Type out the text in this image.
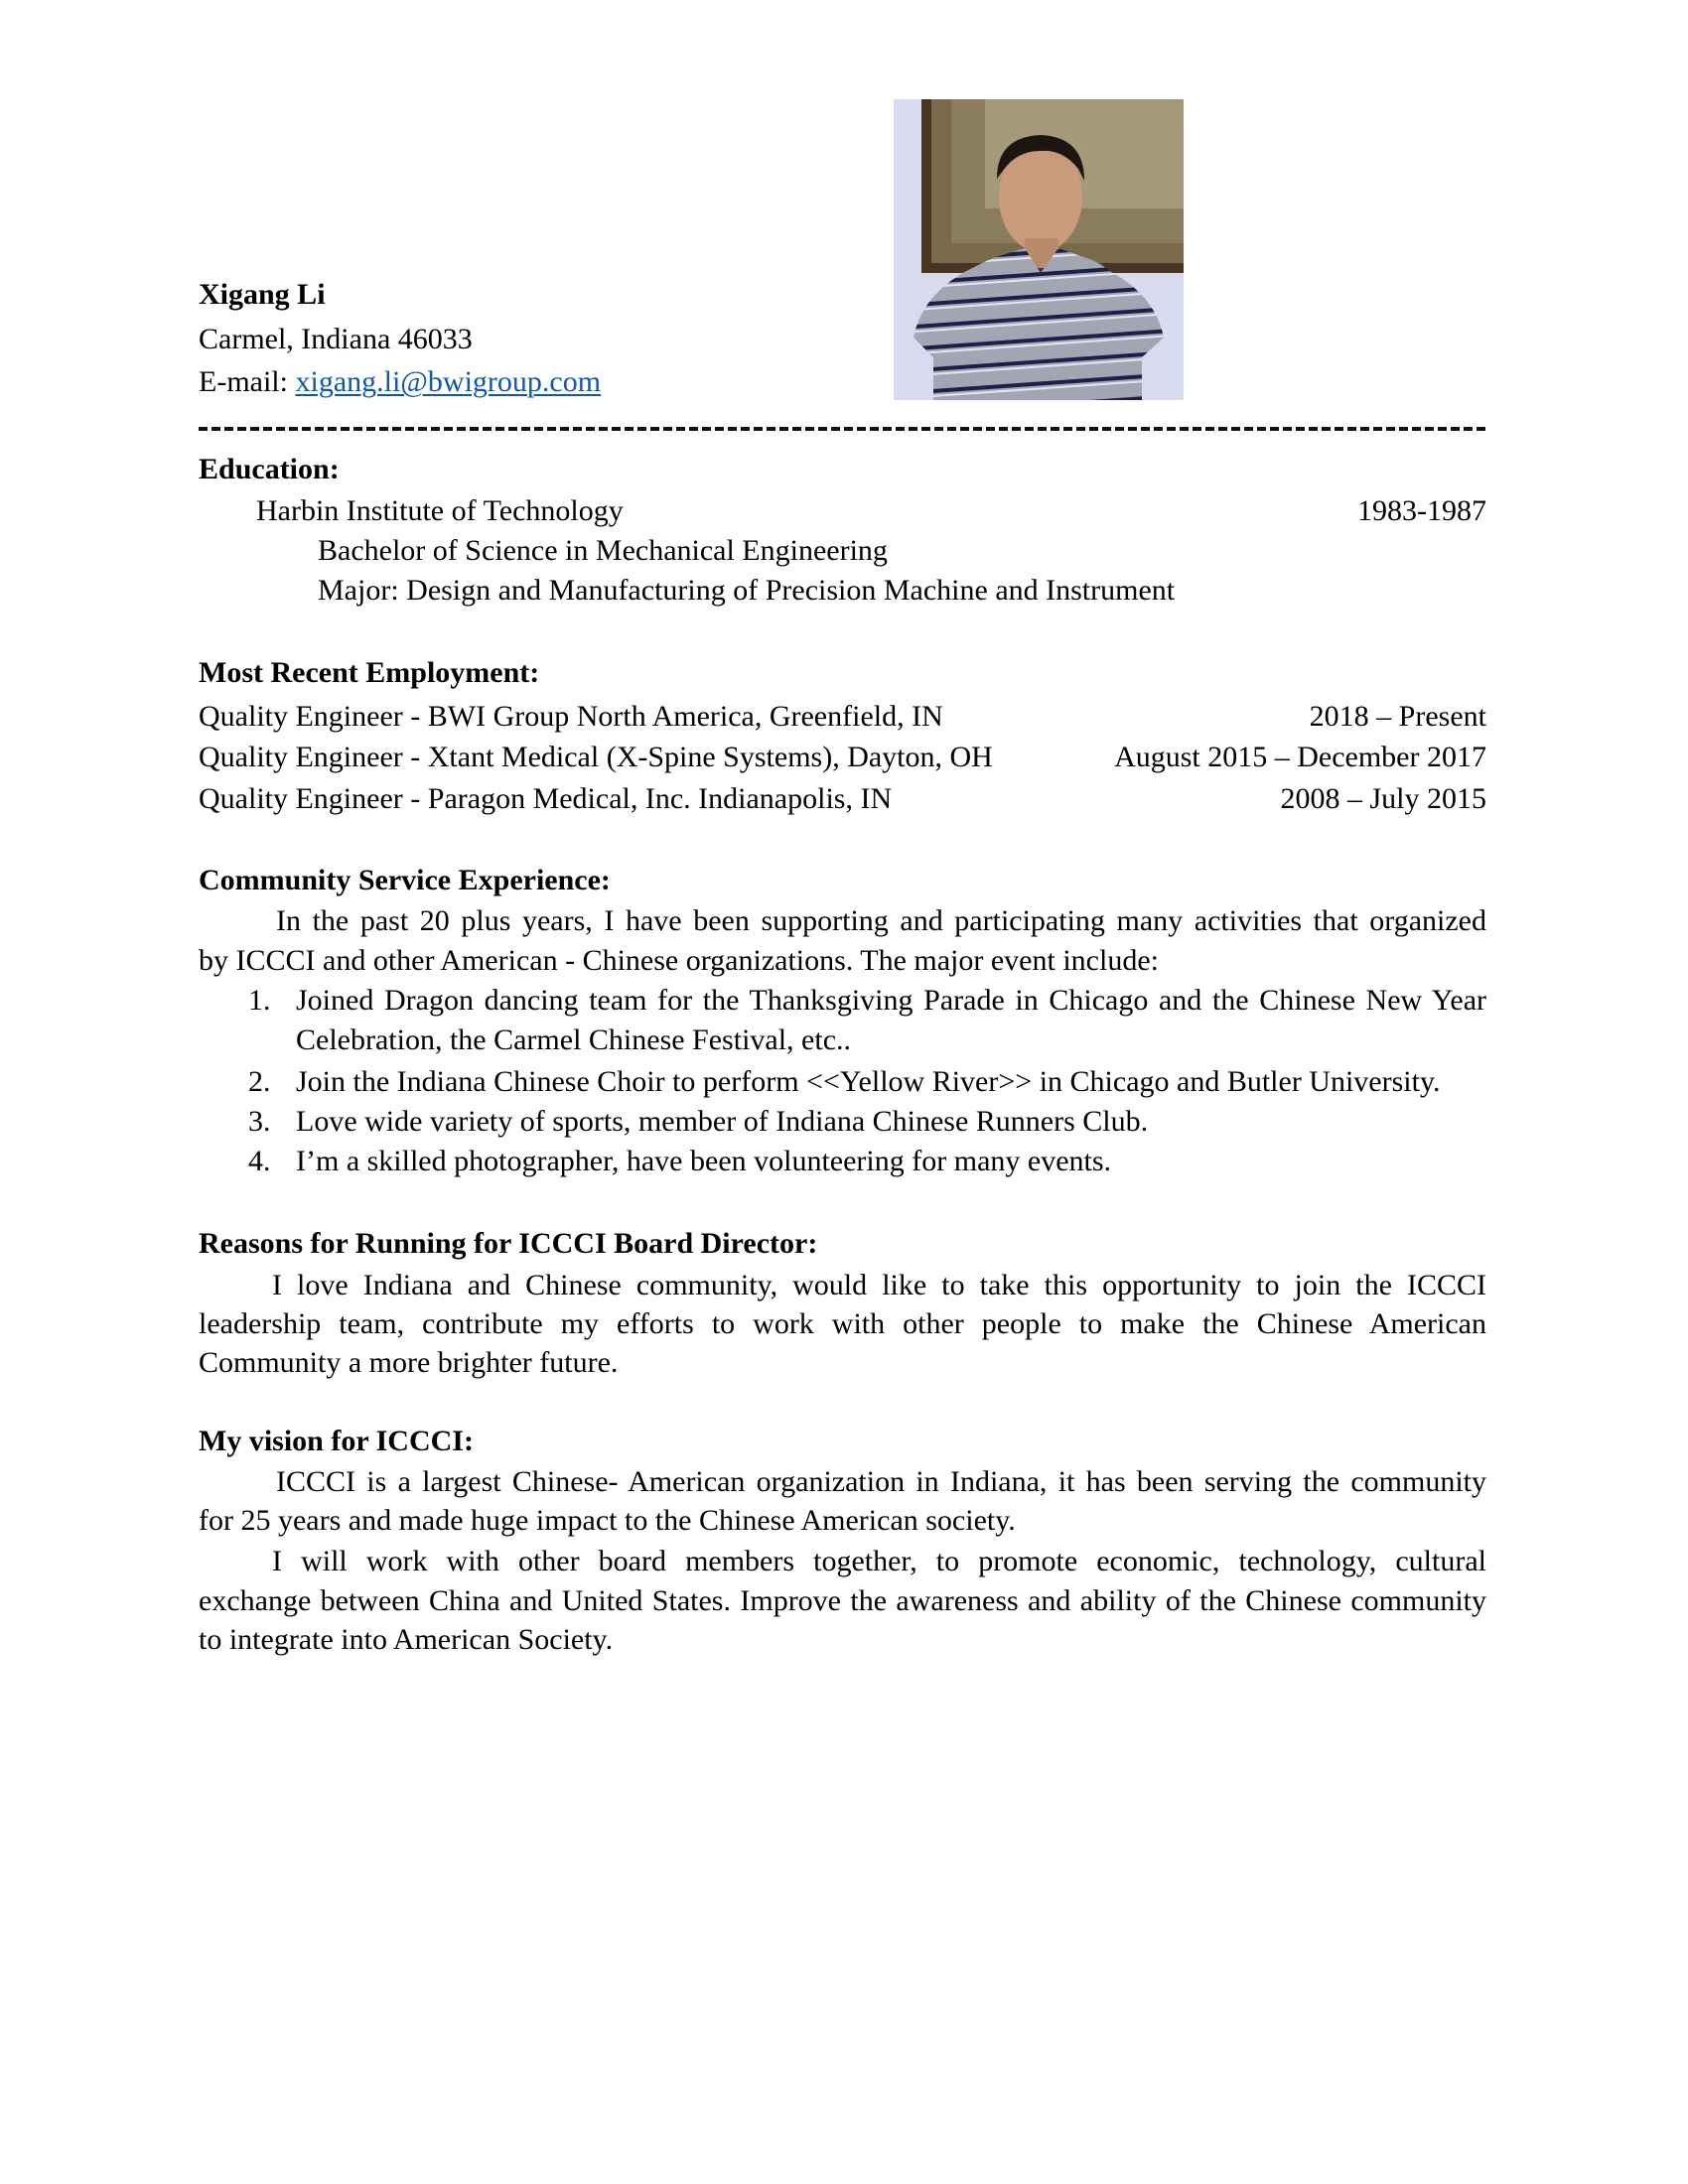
Xigang Li
Carmel, Indiana 46033
E-mail: xigang.li@bwigroup.com
Education:
Harbin Institute of Technology	1983-1987
Bachelor of Science in Mechanical Engineering
Major: Design and Manufacturing of Precision Machine and Instrument
Most Recent Employment:
Quality Engineer - BWI Group North America, Greenfield, IN	2018 – Present
Quality Engineer - Xtant Medical (X-Spine Systems), Dayton, OH	August 2015 – December 2017
Quality Engineer - Paragon Medical, Inc. Indianapolis, IN	2008 – July 2015
Community Service Experience:
In the past 20 plus years, I have been supporting and participating many activities that organized
by ICCCI and other American - Chinese organizations. The major event include:
1. Joined Dragon dancing team for the Thanksgiving Parade in Chicago and the Chinese New Year
Celebration, the Carmel Chinese Festival, etc..
2. Join the Indiana Chinese Choir to perform <<Yellow River>> in Chicago and Butler University.
3. Love wide variety of sports, member of Indiana Chinese Runners Club.
4. I’m a skilled photographer, have been volunteering for many events.
Reasons for Running for ICCCI Board Director:
I love Indiana and Chinese community, would like to take this opportunity to join the ICCCI
leadership team, contribute my efforts to work with other people to make the Chinese American
Community a more brighter future.
My vision for ICCCI:
ICCCI is a largest Chinese- American organization in Indiana, it has been serving the community
for 25 years and made huge impact to the Chinese American society.
I will work with other board members together, to promote economic, technology, cultural
exchange between China and United States. Improve the awareness and ability of the Chinese community
to integrate into American Society.
